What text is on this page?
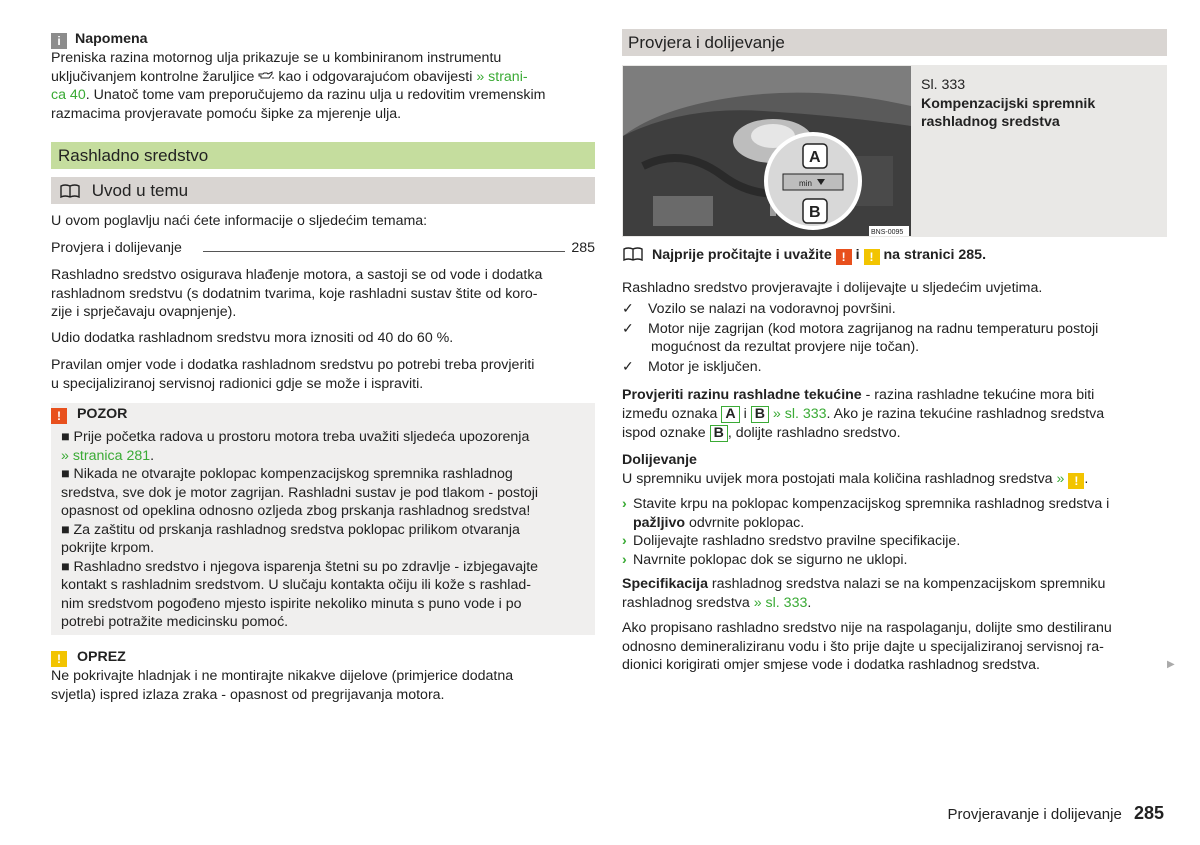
i Napomena

Preniska razina motornog ulja prikazuje se u kombiniranom instrumentu

uključivanjem kontrolne žaruljice kao i odgovarajućom obavijesti » strani-

ca 40. Unatoč tome vam preporučujemo da razinu ulja u redovitim vremenskim

razmacima provjeravate pomoću šipke za mjerenje ulja.

Rashladno sredstvo
Uvod u temu

U ovom poglavlju naći ćete informacije o sljedećim temama:

Provjera i dolijevanje	285

Rashladno sredstvo osigurava hlađenje motora, a sastoji se od vode i dodatka

rashladnom sredstvu (s dodatnim tvarima, koje rashladni sustav štite od koro-

zije i sprječavaju ovapnjenje).

Udio dodatka rashladnom sredstvu mora iznositi od 40 do 60 %.

Pravilan omjer vode i dodatka rashladnom sredstvu po potrebi treba provjeriti

u specijaliziranoj servisnoj radionici gdje se može i ispraviti.

! POZOR

■ Prije početka radova u prostoru motora treba uvažiti sljedeća upozorenja

» stranica 281.

■ Nikada ne otvarajte poklopac kompenzacijskog spremnika rashladnog

sredstva, sve dok je motor zagrijan. Rashladni sustav je pod tlakom - postoji

opasnost od opeklina odnosno ozljeda zbog prskanja rashladnog sredstva!

■ Za zaštitu od prskanja rashladnog sredstva poklopac prilikom otvaranja

pokrijte krpom.

■ Rashladno sredstvo i njegova isparenja štetni su po zdravlje - izbjegavajte

kontakt s rashladnim sredstvom. U slučaju kontakta očiju ili kože s rashlad-

nim sredstvom pogođeno mjesto ispirite nekoliko minuta s puno vode i po

potrebi potražite medicinsku pomoć.

! OPREZ

Ne pokrivajte hladnjak i ne montirajte nikakve dijelove (primjerice dodatna

svjetla) ispred izlaza zraka - opasnost od pregrijavanja motora.

Provjera i dolijevanje
min
A
B
BNS-0095

Sl. 333

Kompenzacijski spremnik

rashladnog sredstva

Najprije pročitajte i uvažite ! i ! na stranici 285.

Rashladno sredstvo provjeravajte i dolijevajte u sljedećim uvjetima.

✓ Vozilo se nalazi na vodoravnoj površini.

✓ Motor nije zagrijan (kod motora zagrijanog na radnu temperaturu postoji

mogućnost da rezultat provjere nije točan).

✓ Motor je isključen.

Provjeriti razinu rashladne tekućine - razina rashladne tekućine mora biti

između oznaka A i B » sl. 333. Ako je razina tekućine rashladnog sredstva

ispod oznake B , dolijte rashladno sredstvo.

Dolijevanje

U spremniku uvijek mora postojati mala količina rashladnog sredstva » ! .

› Stavite krpu na poklopac kompenzacijskog spremnika rashladnog sredstva i

pažljivo odvrnite poklopac.

› Dolijevajte rashladno sredstvo pravilne specifikacije.

› Navrnite poklopac dok se sigurno ne uklopi.

Specifikacija rashladnog sredstva nalazi se na kompenzacijskom spremniku

rashladnog sredstva » sl. 333.

Ako propisano rashladno sredstvo nije na raspolaganju, dolijte smo destiliranu

odnosno demineraliziranu vodu i što prije dajte u specijaliziranoj servisnoj ra-

dionici korigirati omjer smjese vode i dodatka rashladnog sredstva.	▶
Provjeravanje i dolijevanje 285
